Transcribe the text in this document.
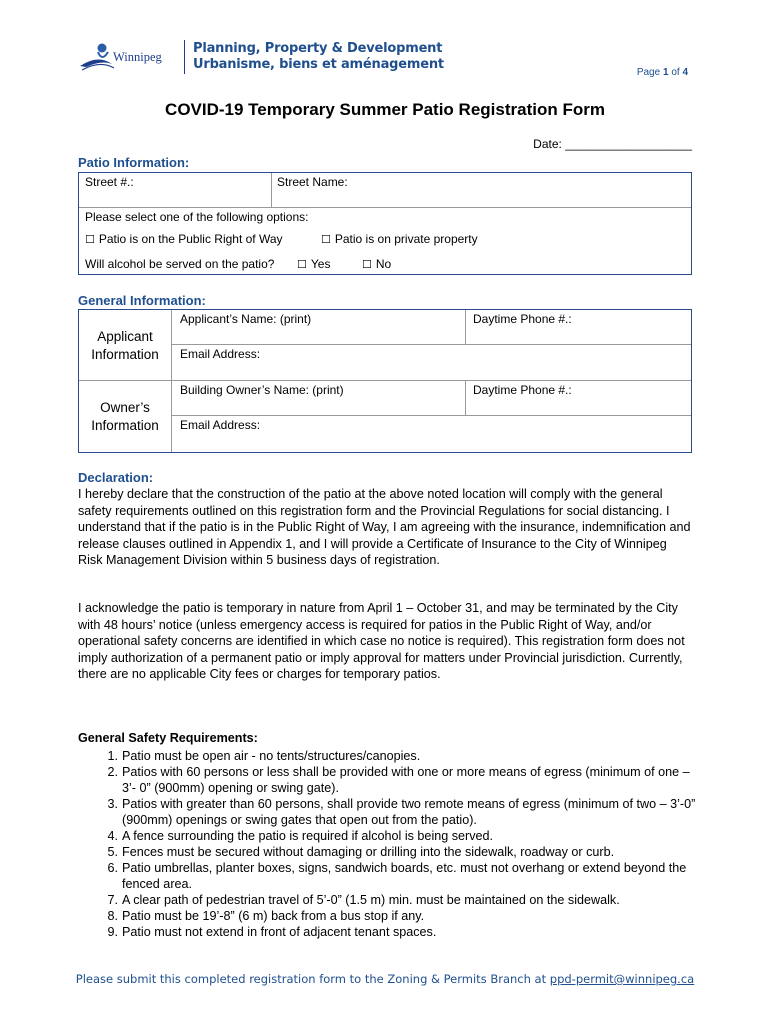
Winnipeg
Planning, Property & Development
Urbanisme, biens et aménagement
Page 1 of 4
COVID-19 Temporary Summer Patio Registration Form
Date: ___________________
Patio Information:
Street #.:	Street Name:
Please select one of the following options:
☐ Patio is on the Public Right of Way	☐ Patio is on private property
Will alcohol be served on the patio? ☐ Yes	☐ No
General Information:
Applicant
Information
Applicant’s Name: (print)	Daytime Phone #.:
Email Address:
Owner’s
Information
Building Owner’s Name: (print)	Daytime Phone #.:
Email Address:
Declaration:
I hereby declare that the construction of the patio at the above noted location will comply with the general safety requirements outlined on this registration form and the Provincial Regulations for social distancing. I understand that if the patio is in the Public Right of Way, I am agreeing with the insurance, indemnification and release clauses outlined in Appendix 1, and I will provide a Certificate of Insurance to the City of Winnipeg Risk Management Division within 5 business days of registration.
I acknowledge the patio is temporary in nature from April 1 – October 31, and may be terminated by the City with 48 hours’ notice (unless emergency access is required for patios in the Public Right of Way, and/or operational safety concerns are identified in which case no notice is required). This registration form does not imply authorization of a permanent patio or imply approval for matters under Provincial jurisdiction. Currently, there are no applicable City fees or charges for temporary patios.
General Safety Requirements:
1. Patio must be open air - no tents/structures/canopies.
2. Patios with 60 persons or less shall be provided with one or more means of egress (minimum of one – 3’- 0” (900mm) opening or swing gate).
3. Patios with greater than 60 persons, shall provide two remote means of egress (minimum of two – 3’-0” (900mm) openings or swing gates that open out from the patio).
4. A fence surrounding the patio is required if alcohol is being served.
5. Fences must be secured without damaging or drilling into the sidewalk, roadway or curb.
6. Patio umbrellas, planter boxes, signs, sandwich boards, etc. must not overhang or extend beyond the fenced area.
7. A clear path of pedestrian travel of 5’-0” (1.5 m) min. must be maintained on the sidewalk.
8. Patio must be 19’-8” (6 m) back from a bus stop if any.
9. Patio must not extend in front of adjacent tenant spaces.
Please submit this completed registration form to the Zoning & Permits Branch at ppd-permit@winnipeg.ca
